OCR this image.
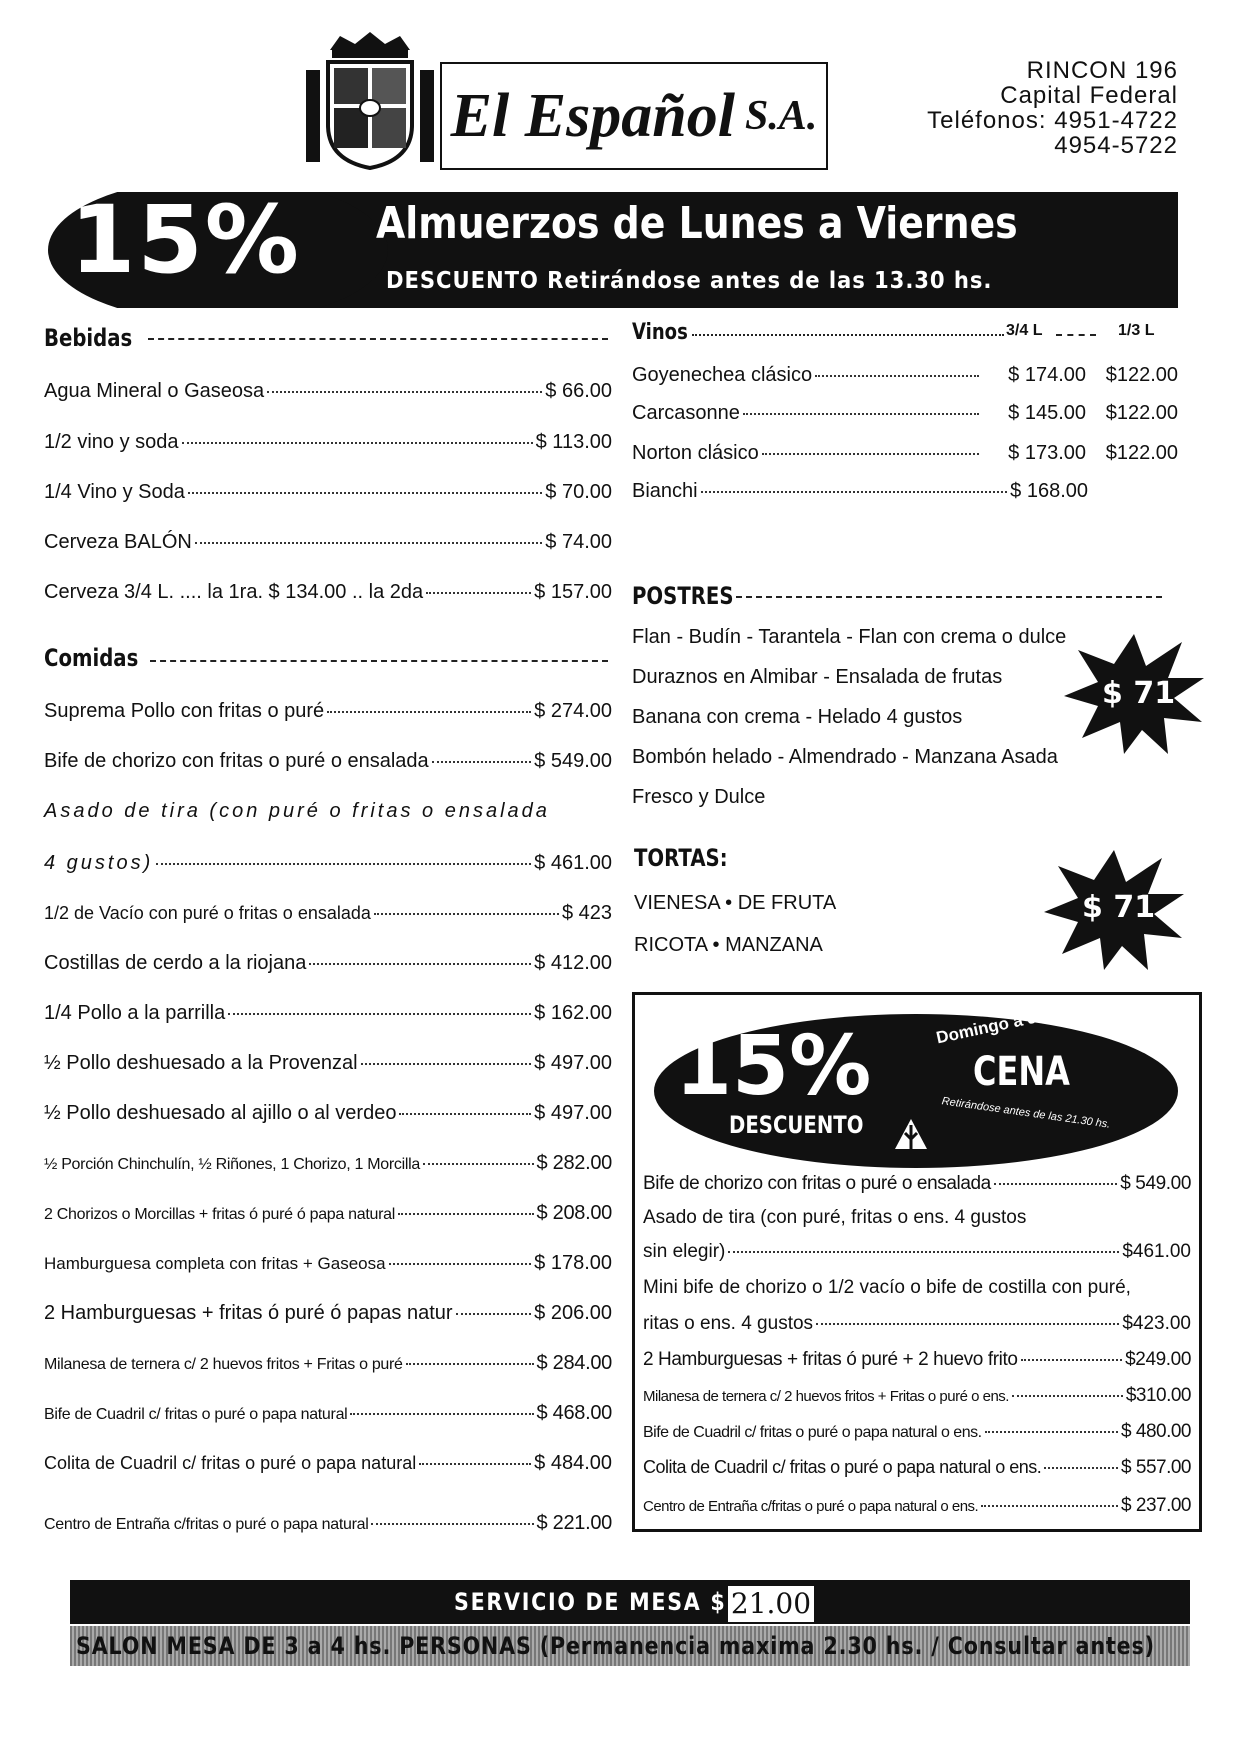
El Español S.A.
RINCON 196
Capital Federal
Teléfonos: 4951-4722
4954-5722
15% Almuerzos de Lunes a Viernes
DESCUENTO Retirándose antes de las 13.30 hs.
Bebidas
Agua Mineral o Gaseosa	$ 66.00
1/2 vino y soda	$ 113.00
1/4 Vino y Soda	$ 70.00
Cerveza BALÓN	$ 74.00
Cerveza 3/4 L. .... la 1ra. $ 134.00 .. la 2da	$ 157.00
Comidas
Suprema Pollo con fritas o puré	$ 274.00
Bife de chorizo con fritas o puré o ensalada	$ 549.00
Asado de tira (con puré o fritas o ensalada
4 gustos)	$ 461.00
1/2 de Vacío con puré o fritas o ensalada	$ 423
Costillas de cerdo a la riojana	$ 412.00
1/4 Pollo a la parrilla	$ 162.00
½ Pollo deshuesado a la Provenzal	$ 497.00
½ Pollo deshuesado al ajillo o al verdeo	$ 497.00
½ Porción Chinchulín, ½ Riñones, 1 Chorizo, 1 Morcilla	$ 282.00
2 Chorizos o Morcillas + fritas ó puré ó papa natural	$ 208.00
Hamburguesa completa con fritas + Gaseosa	$ 178.00
2 Hamburguesas + fritas ó puré ó papas natur	$ 206.00
Milanesa de ternera c/ 2 huevos fritos + Fritas o puré	$ 284.00
Bife de Cuadril c/ fritas o puré o papa natural	$ 468.00
Colita de Cuadril c/ fritas o puré o papa natural	$ 484.00
Centro de Entraña c/fritas o puré o papa natural	$ 221.00
Vinos	3/4 L	1/3 L
Goyenechea clásico	$ 174.00 $122.00
Carcasonne	$ 145.00 $122.00
Norton clásico	$ 173.00 $122.00
Bianchi	$ 168.00
POSTRES
Flan - Budín - Tarantela - Flan con crema o dulce
Duraznos en Almibar - Ensalada de frutas
Banana con crema - Helado 4 gustos
Bombón helado - Almendrado - Manzana Asada
Fresco y Dulce
$ 71
TORTAS:
VIENESA • DE FRUTA
RICOTA • MANZANA
$ 71
15%
DESCUENTO
Domingo a Jueves
CENA
Retirándose antes de las 21.30 hs.
Bife de chorizo con fritas o puré o ensalada	$ 549.00
Asado de tira (con puré, fritas o ens. 4 gustos
sin elegir)	$461.00
Mini bife de chorizo o 1/2 vacío o bife de costilla con puré,
ritas o ens. 4 gustos	$423.00
2 Hamburguesas + fritas ó puré + 2 huevo frito	$249.00
Milanesa de ternera c/ 2 huevos fritos + Fritas o puré o ens.	$310.00
Bife de Cuadril c/ fritas o puré o papa natural o ens.	$ 480.00
Colita de Cuadril c/ fritas o puré o papa natural o ens.	$ 557.00
Centro de Entraña c/fritas o puré o papa natural o ens.	$ 237.00
SERVICIO DE MESA $ 21.00
SALON MESA DE 3 a 4 hs. PERSONAS (Permanencia maxima 2.30 hs. / Consultar antes)
